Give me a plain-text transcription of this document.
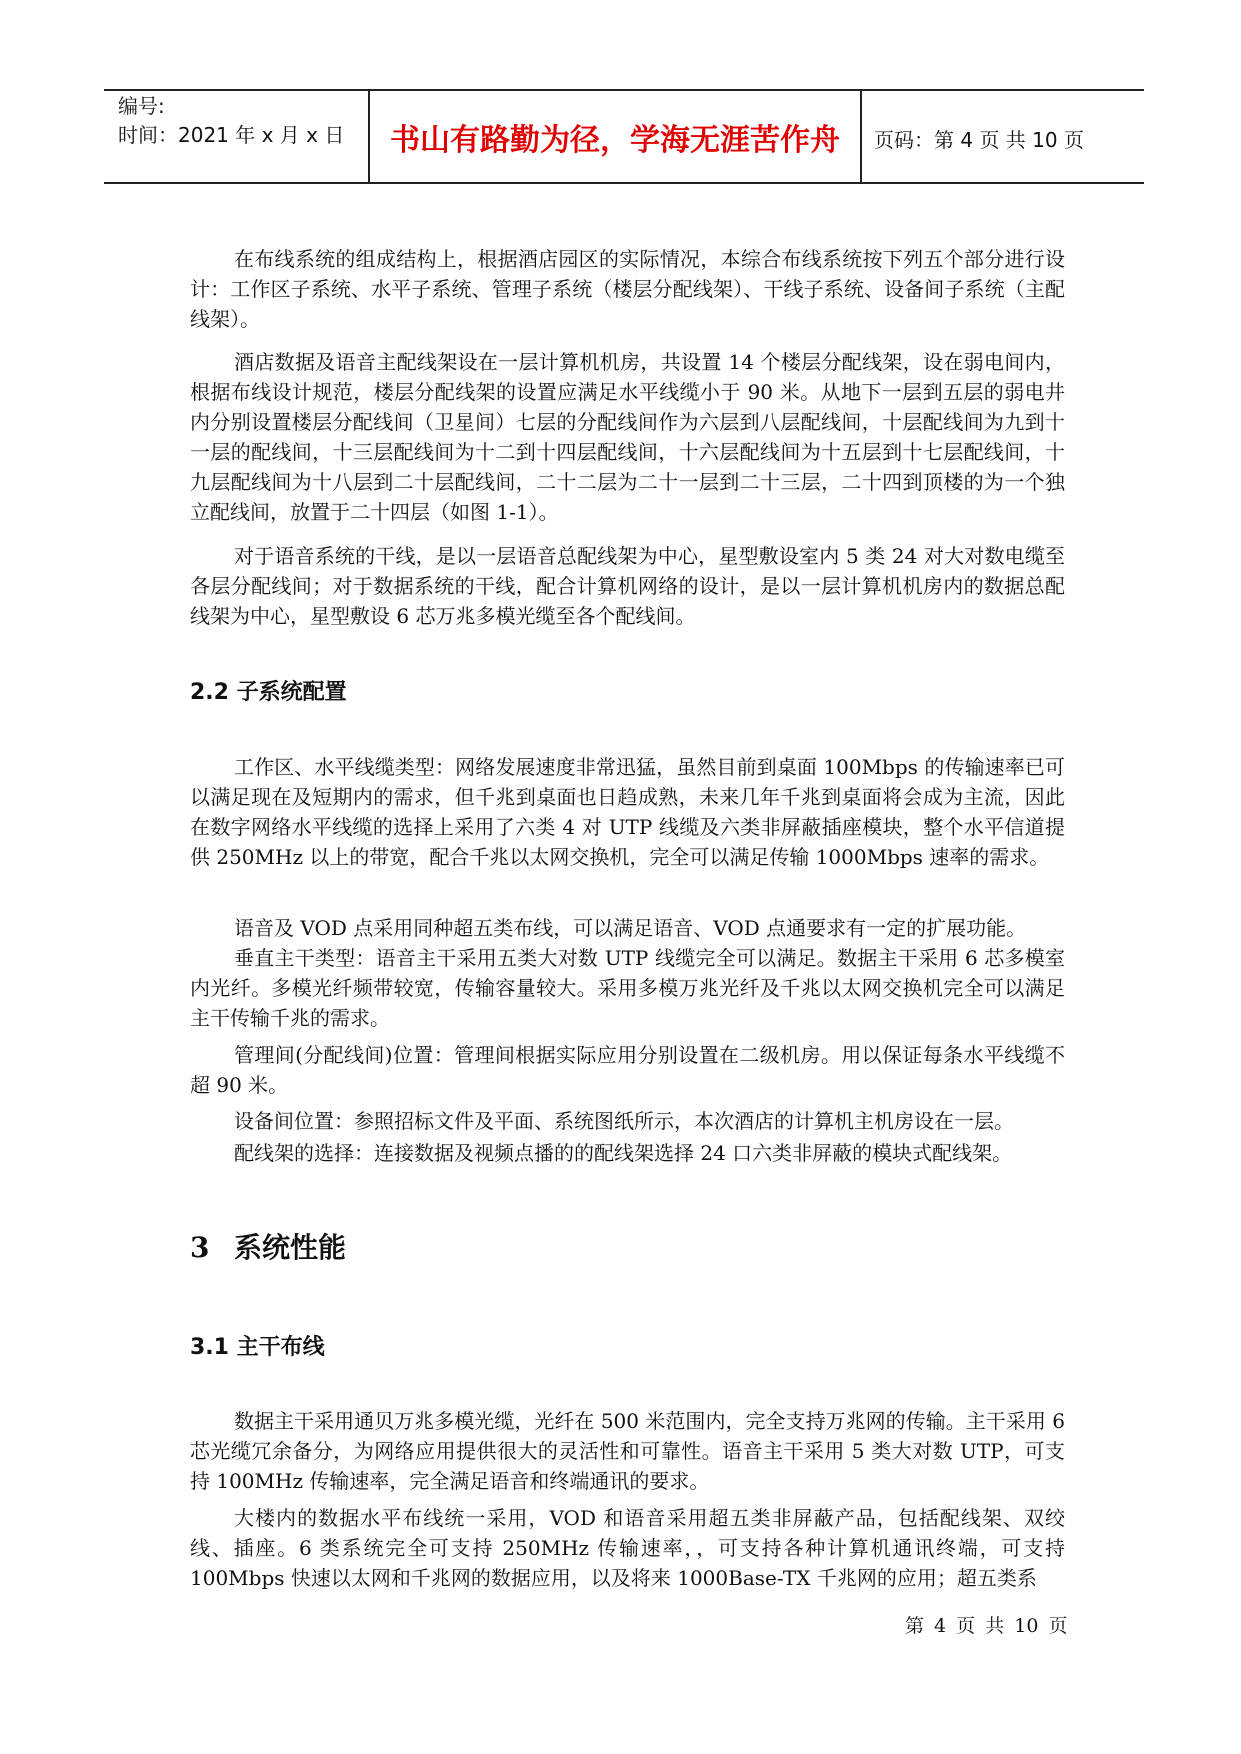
编号:
时间：2021 年 x 月 x 日	书山有路勤为径，学海无涯苦作舟	页码：第 4 页 共 10 页

在布线系统的组成结构上，根据酒店园区的实际情况，本综合布线系统按下列五个部分进行设计：工作区子系统、水平子系统、管理子系统（楼层分配线架）、干线子系统、设备间子系统（主配线架）。

酒店数据及语音主配线架设在一层计算机机房，共设置 14 个楼层分配线架，设在弱电间内，根据布线设计规范，楼层分配线架的设置应满足水平线缆小于 90 米。从地下一层到五层的弱电井内分别设置楼层分配线间（卫星间）七层的分配线间作为六层到八层配线间，十层配线间为九到十一层的配线间，十三层配线间为十二到十四层配线间，十六层配线间为十五层到十七层配线间，十九层配线间为十八层到二十层配线间，二十二层为二十一层到二十三层，二十四到顶楼的为一个独立配线间，放置于二十四层（如图 1-1）。

对于语音系统的干线，是以一层语音总配线架为中心，星型敷设室内 5 类 24 对大对数电缆至各层分配线间；对于数据系统的干线，配合计算机网络的设计，是以一层计算机机房内的数据总配线架为中心，星型敷设 6 芯万兆多模光缆至各个配线间。

2.2 子系统配置

工作区、水平线缆类型：网络发展速度非常迅猛，虽然目前到桌面 100Mbps 的传输速率已可以满足现在及短期内的需求，但千兆到桌面也日趋成熟，未来几年千兆到桌面将会成为主流，因此在数字网络水平线缆的选择上采用了六类 4 对 UTP 线缆及六类非屏蔽插座模块，整个水平信道提供 250MHz 以上的带宽，配合千兆以太网交换机，完全可以满足传输 1000Mbps 速率的需求。

语音及 VOD 点采用同种超五类布线，可以满足语音、VOD 点通要求有一定的扩展功能。

垂直主干类型：语音主干采用五类大对数 UTP 线缆完全可以满足。数据主干采用 6 芯多模室内光纤。多模光纤频带较宽，传输容量较大。采用多模万兆光纤及千兆以太网交换机完全可以满足主干传输千兆的需求。

管理间(分配线间)位置：管理间根据实际应用分别设置在二级机房。用以保证每条水平线缆不超 90 米。

设备间位置：参照招标文件及平面、系统图纸所示，本次酒店的计算机主机房设在一层。

配线架的选择：连接数据及视频点播的的配线架选择 24 口六类非屏蔽的模块式配线架。

3 系统性能
3.1 主干布线

数据主干采用通贝万兆多模光缆，光纤在 500 米范围内，完全支持万兆网的传输。主干采用 6 芯光缆冗余备分，为网络应用提供很大的灵活性和可靠性。语音主干采用 5 类大对数 UTP，可支持 100MHz 传输速率，完全满足语音和终端通讯的要求。

大楼内的数据水平布线统一采用，VOD 和语音采用超五类非屏蔽产品，包括配线架、双绞线、插座。6 类系统完全可支持 250MHz 传输速率，，可支持各种计算机通讯终端，可支持 100Mbps 快速以太网和千兆网的数据应用，以及将来 1000Base-TX 千兆网的应用；超五类系

第 4 页 共 10 页
